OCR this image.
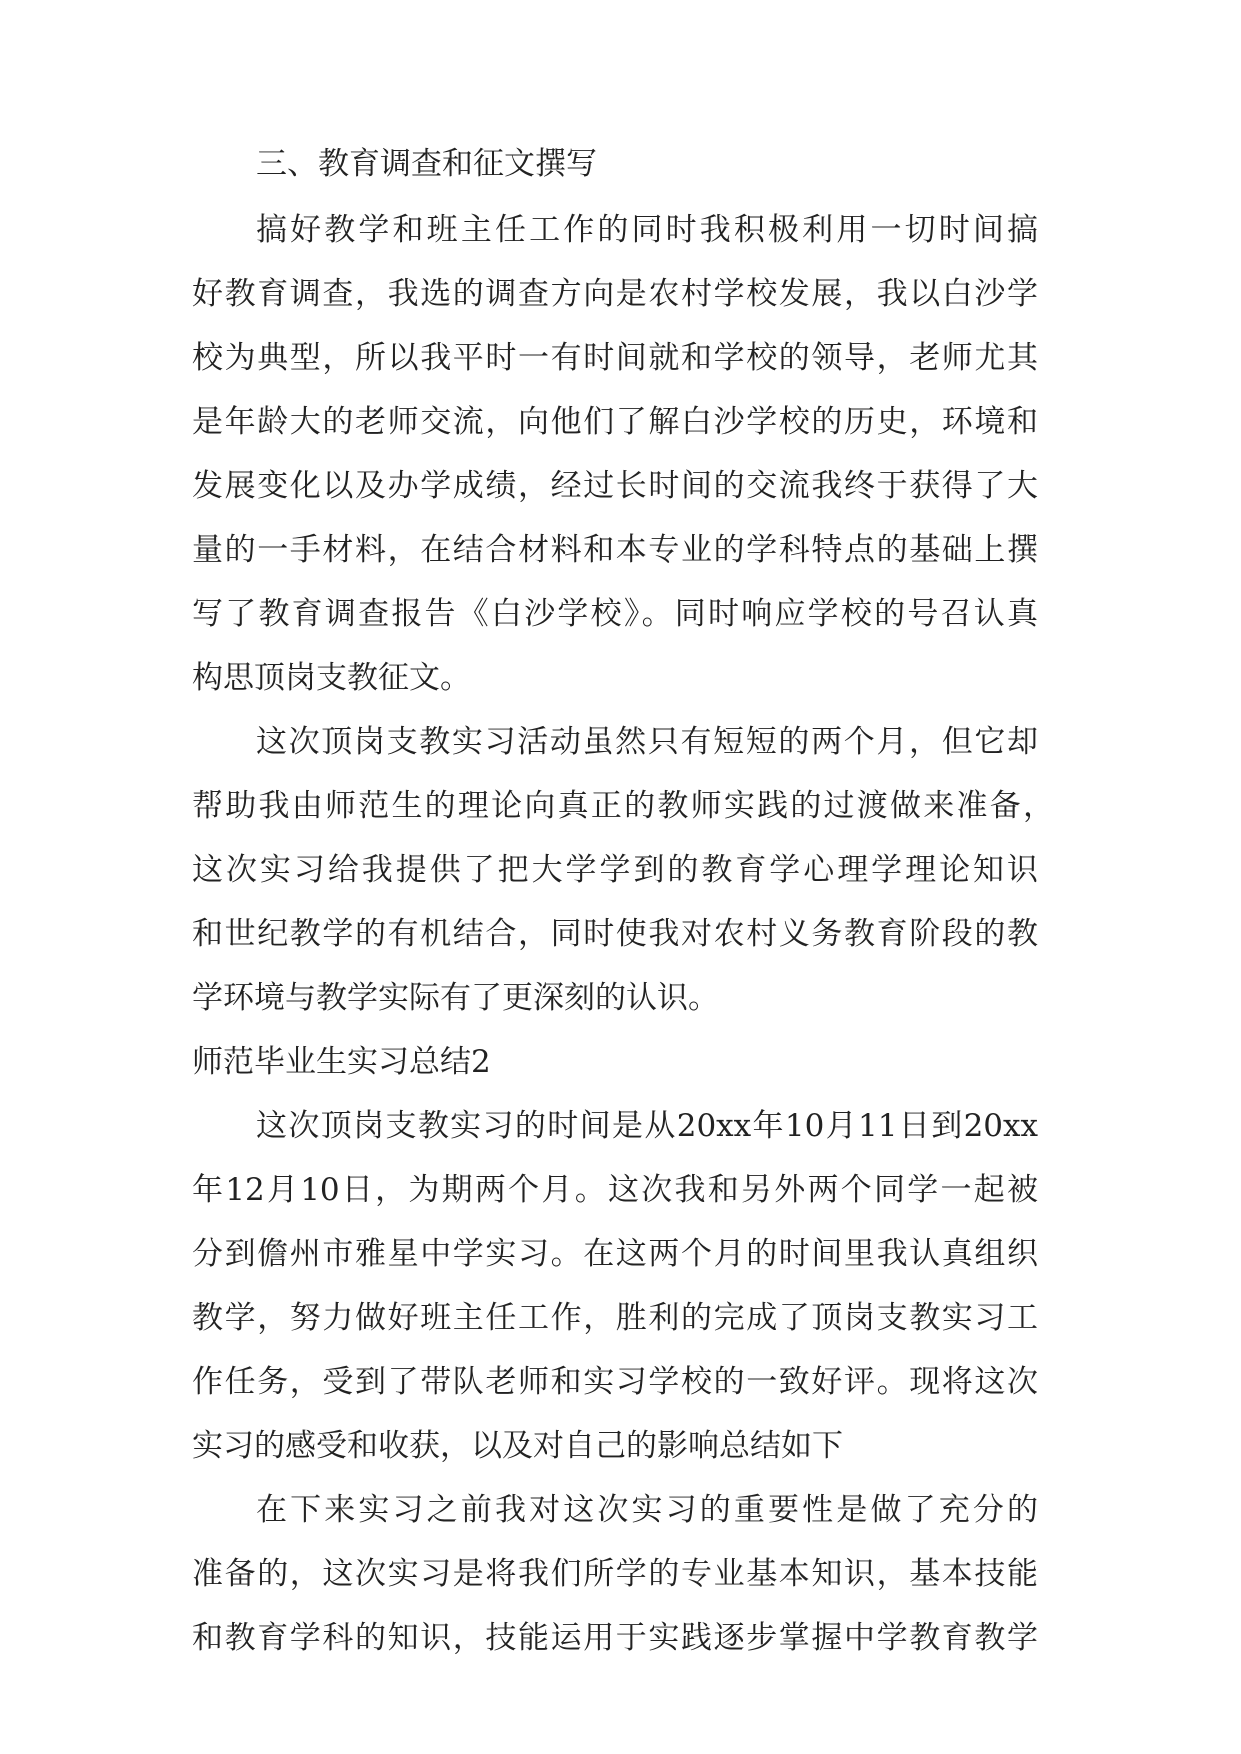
三、教育调查和征文撰写
搞好教学和班主任工作的同时我积极利用一切时间搞
好教育调查，我选的调查方向是农村学校发展，我以白沙学
校为典型，所以我平时一有时间就和学校的领导，老师尤其
是年龄大的老师交流，向他们了解白沙学校的历史，环境和
发展变化以及办学成绩，经过长时间的交流我终于获得了大
量的一手材料，在结合材料和本专业的学科特点的基础上撰
写了教育调查报告《白沙学校》。同时响应学校的号召认真
构思顶岗支教征文。
这次顶岗支教实习活动虽然只有短短的两个月，但它却
帮助我由师范生的理论向真正的教师实践的过渡做来准备，
这次实习给我提供了把大学学到的教育学心理学理论知识
和世纪教学的有机结合，同时使我对农村义务教育阶段的教
学环境与教学实际有了更深刻的认识。
师范毕业生实习总结2
这次顶岗支教实习的时间是从20xx年10月11日到20xx
年12月10日，为期两个月。这次我和另外两个同学一起被
分到儋州市雅星中学实习。在这两个月的时间里我认真组织
教学，努力做好班主任工作，胜利的完成了顶岗支教实习工
作任务，受到了带队老师和实习学校的一致好评。现将这次
实习的感受和收获，以及对自己的影响总结如下
在下来实习之前我对这次实习的重要性是做了充分的
准备的，这次实习是将我们所学的专业基本知识，基本技能
和教育学科的知识，技能运用于实践逐步掌握中学教育教学
